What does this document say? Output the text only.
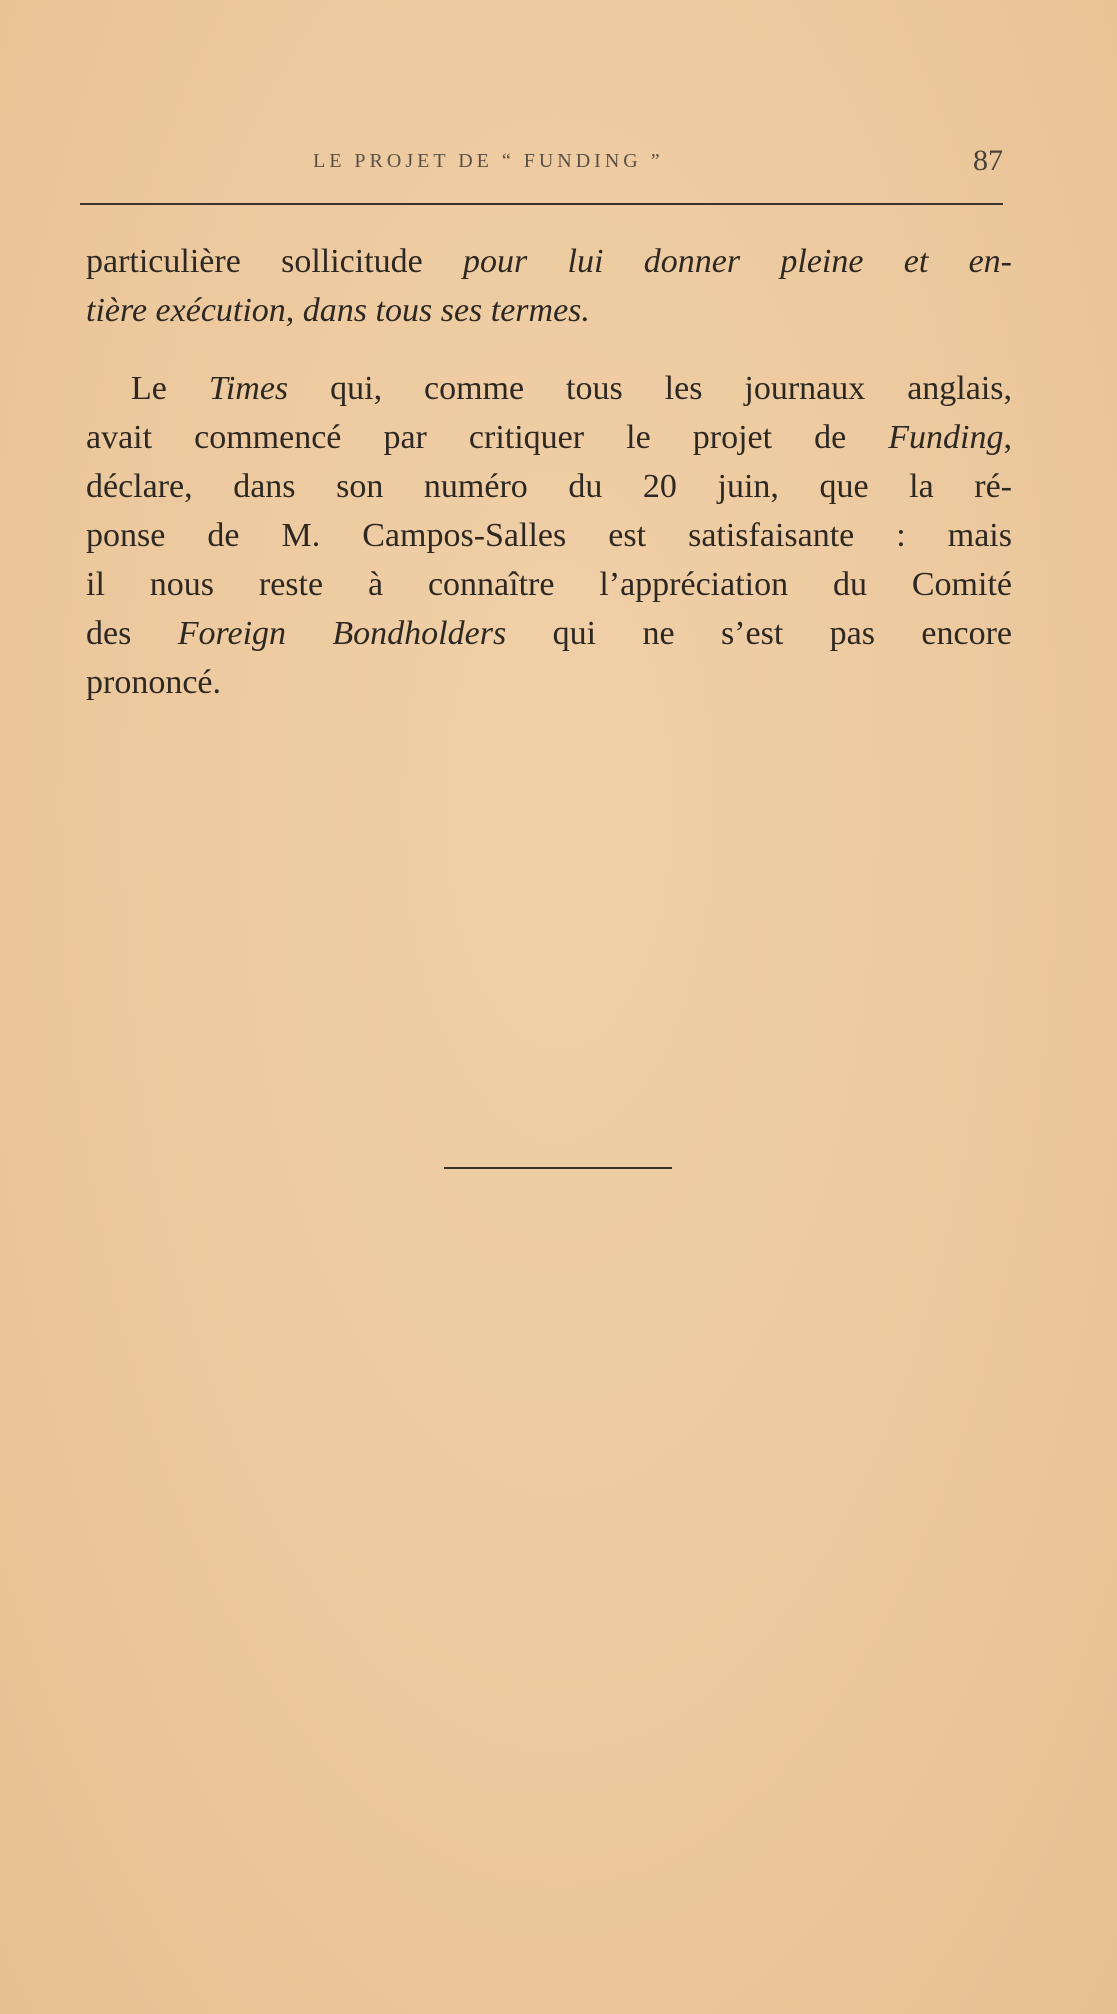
LE PROJET DE “ FUNDING ”	87

particulière sollicitude pour lui donner pleine et en-
tière exécution, dans tous ses termes.

Le Times qui, comme tous les journaux anglais,
avait commencé par critiquer le projet de Funding,
déclare, dans son numéro du 20 juin, que la ré-
ponse de M. Campos-Salles est satisfaisante : mais
il nous reste à connaître l’appréciation du Comité
des Foreign Bondholders qui ne s’est pas encore
prononcé.
